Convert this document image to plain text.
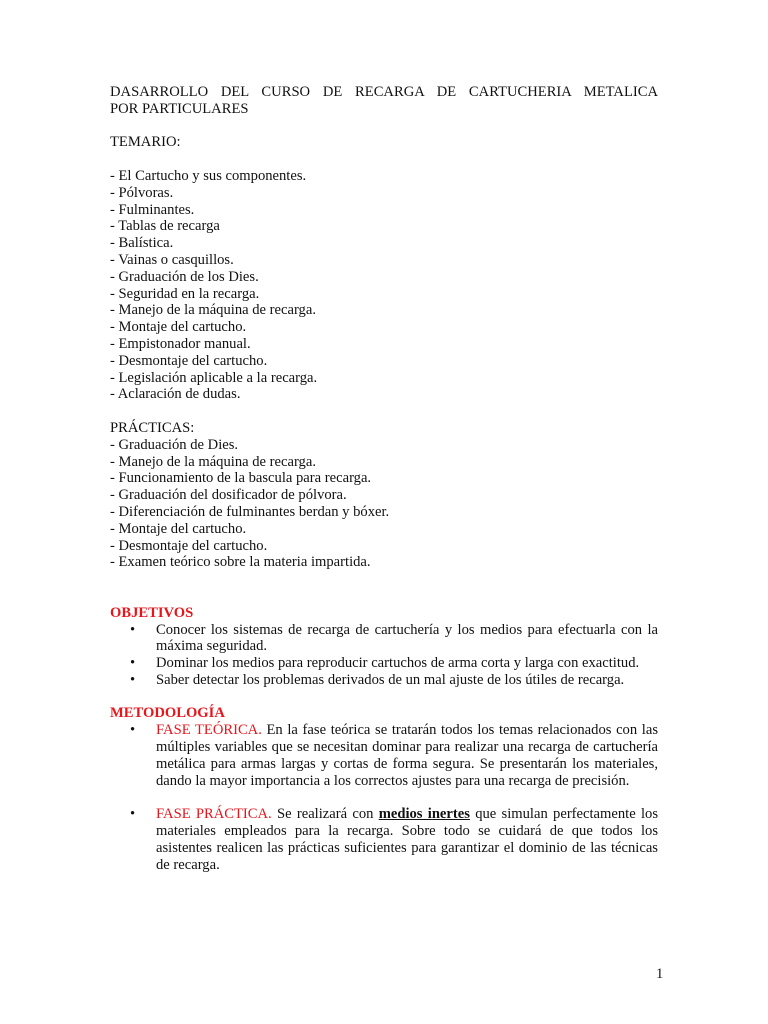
DASARROLLO DEL CURSO DE RECARGA DE CARTUCHERIA METALICA
POR PARTICULARES

TEMARIO:

- El Cartucho y sus componentes.
- Pólvoras.
- Fulminantes.
- Tablas de recarga
- Balística.
- Vainas o casquillos.
- Graduación de los Dies.
- Seguridad en la recarga.
- Manejo de la máquina de recarga.
- Montaje del cartucho.
- Empistonador manual.
- Desmontaje del cartucho.
- Legislación aplicable a la recarga.
- Aclaración de dudas.

PRÁCTICAS:

- Graduación de Dies.
- Manejo de la máquina de recarga.
- Funcionamiento de la bascula para recarga.
- Graduación del dosificador de pólvora.
- Diferenciación de fulminantes berdan y bóxer.
- Montaje del cartucho.
- Desmontaje del cartucho.
- Examen teórico sobre la materia impartida.

OBJETIVOS

• Conocer los sistemas de recarga de cartuchería y los medios para efectuarla con la máxima seguridad.
• Dominar los medios para reproducir cartuchos de arma corta y larga con exactitud.
• Saber detectar los problemas derivados de un mal ajuste de los útiles de recarga.

METODOLOGÍA

• FASE TEÓRICA. En la fase teórica se tratarán todos los temas relacionados con las múltiples variables que se necesitan dominar para realizar una recarga de cartuchería metálica para armas largas y cortas de forma segura. Se presentarán los materiales, dando la mayor importancia a los correctos ajustes para una recarga de precisión.
• FASE PRÁCTICA. Se realizará con medios inertes que simulan perfectamente los materiales empleados para la recarga. Sobre todo se cuidará de que todos los asistentes realicen las prácticas suficientes para garantizar el dominio de las técnicas de recarga.
1
